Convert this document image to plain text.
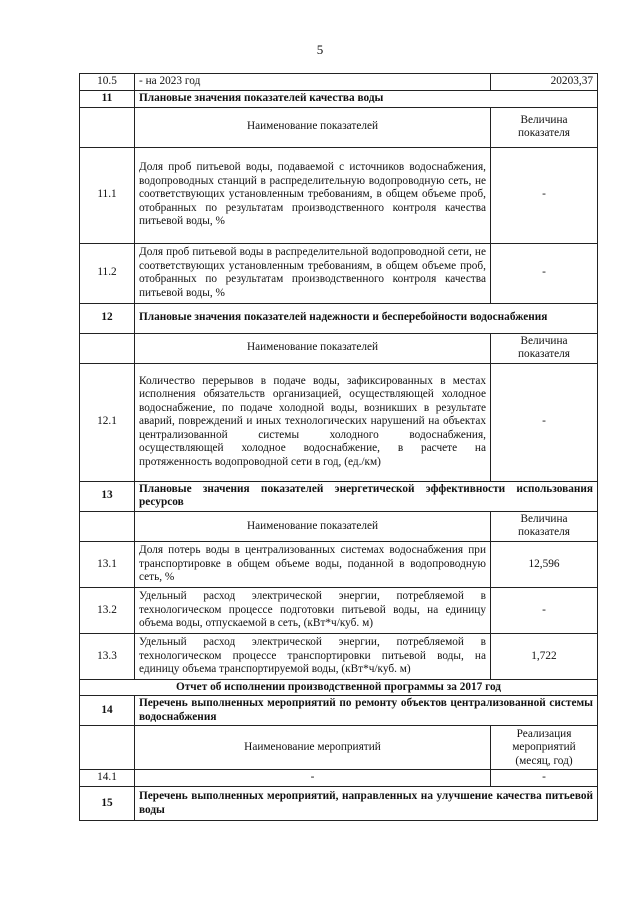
5
10.5	- на 2023 год	20203,37
11	Плановые значения показателей качества воды	
	Наименование показателей	Величина показателя
11.1	Доля проб питьевой воды, подаваемой с источников водоснабжения, водопроводных станций в распределительную водопроводную сеть, не соответствующих установленным требованиям, в общем объеме проб, отобранных по результатам производственного контроля качества питьевой воды, %	-
11.2	Доля проб питьевой воды в распределительной водопроводной сети, не соответствующих установленным требованиям, в общем объеме проб, отобранных по результатам производственного контроля качества питьевой воды, %	-
12	Плановые значения показателей надежности и бесперебойности водоснабжения	
	Наименование показателей	Величина показателя
12.1	Количество перерывов в подаче воды, зафиксированных в местах исполнения обязательств организацией, осуществляющей холодное водоснабжение, по подаче холодной воды, возникших в результате аварий, повреждений и иных технологических нарушений на объектах централизованной системы холодного водоснабжения, осуществляющей холодное водоснабжение, в расчете на протяженность водопроводной сети в год, (ед./км)	-
13	Плановые значения показателей энергетической эффективности использования ресурсов	
	Наименование показателей	Величина показателя
13.1	Доля потерь воды в централизованных системах водоснабжения при транспортировке в общем объеме воды, поданной в водопроводную сеть, %	12,596
13.2	Удельный расход электрической энергии, потребляемой в технологическом процессе подготовки питьевой воды, на единицу объема воды, отпускаемой в сеть, (кВт*ч/куб. м)	-
13.3	Удельный расход электрической энергии, потребляемой в технологическом процессе транспортировки питьевой воды, на единицу объема транспортируемой воды, (кВт*ч/куб. м)	1,722
Отчет об исполнении производственной программы за 2017 год		
14	Перечень выполненных мероприятий по ремонту объектов централизованной системы водоснабжения	
	Наименование мероприятий	Реализация мероприятий (месяц, год)
14.1	-	-
15	Перечень выполненных мероприятий, направленных на улучшение качества питьевой воды	
